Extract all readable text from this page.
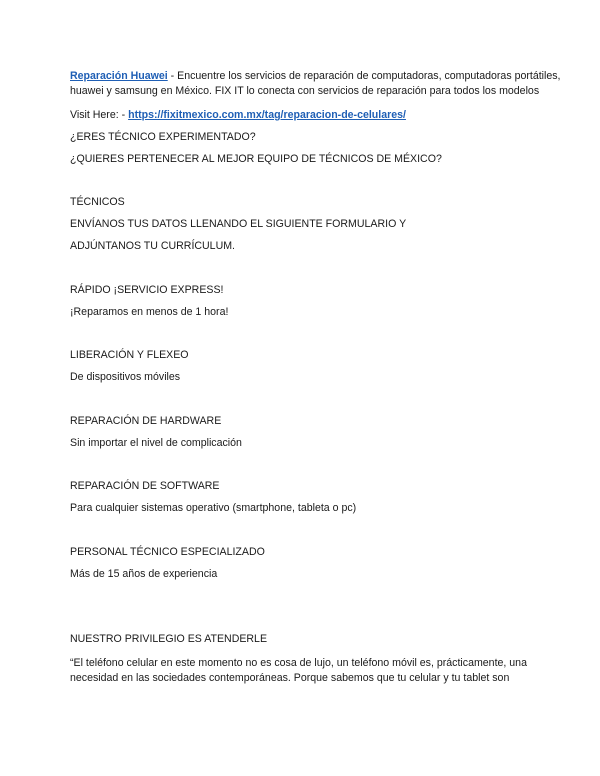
Reparación Huawei - Encuentre los servicios de reparación de computadoras, computadoras portátiles,
huawei y samsung en México. FIX IT lo conecta con servicios de reparación para todos los modelos
Visit Here: - https://fixitmexico.com.mx/tag/reparacion-de-celulares/
¿ERES TÉCNICO EXPERIMENTADO?
¿QUIERES PERTENECER AL MEJOR EQUIPO DE TÉCNICOS DE MÉXICO?
TÉCNICOS
ENVÍANOS TUS DATOS LLENANDO EL SIGUIENTE FORMULARIO Y
ADJÚNTANOS TU CURRÍCULUM.
RÁPIDO ¡SERVICIO EXPRESS!
¡Reparamos en menos de 1 hora!
LIBERACIÓN Y FLEXEO
De dispositivos móviles
REPARACIÓN DE HARDWARE
Sin importar el nivel de complicación
REPARACIÓN DE SOFTWARE
Para cualquier sistemas operativo (smartphone, tableta o pc)
PERSONAL TÉCNICO ESPECIALIZADO
Más de 15 años de experiencia
NUESTRO PRIVILEGIO ES ATENDERLE
“El teléfono celular en este momento no es cosa de lujo, un teléfono móvil es, prácticamente, una
necesidad en las sociedades contemporáneas. Porque sabemos que tu celular y tu tablet son
